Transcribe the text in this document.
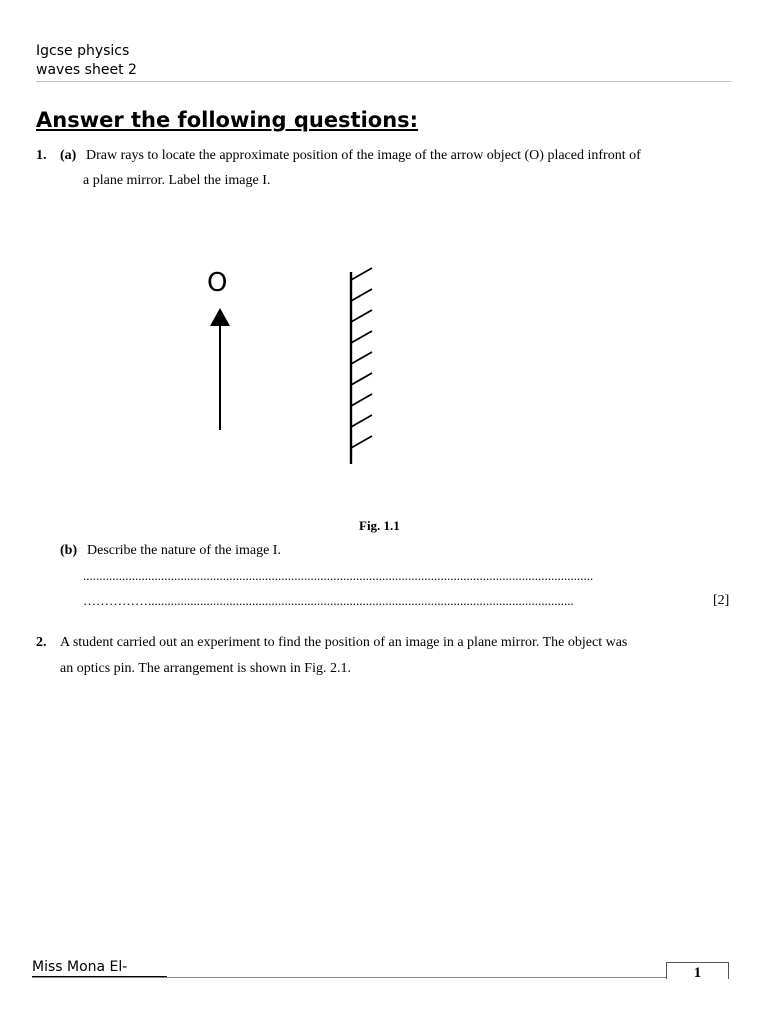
Igcse physics
waves sheet 2
Answer the following questions:
1. (a) Draw rays to locate the approximate position of the image of the arrow object (O) placed infront of
a plane mirror. Label the image I.
O
Fig. 1.1
(b) Describe the nature of the image I.
.............................................................................................................................................................
……………...................................................................................................................................	[2]
2. A student carried out an experiment to find the position of an image in a plane mirror. The object was
an optics pin. The arrangement is shown in Fig. 2.1.
Miss Mona El-	1
